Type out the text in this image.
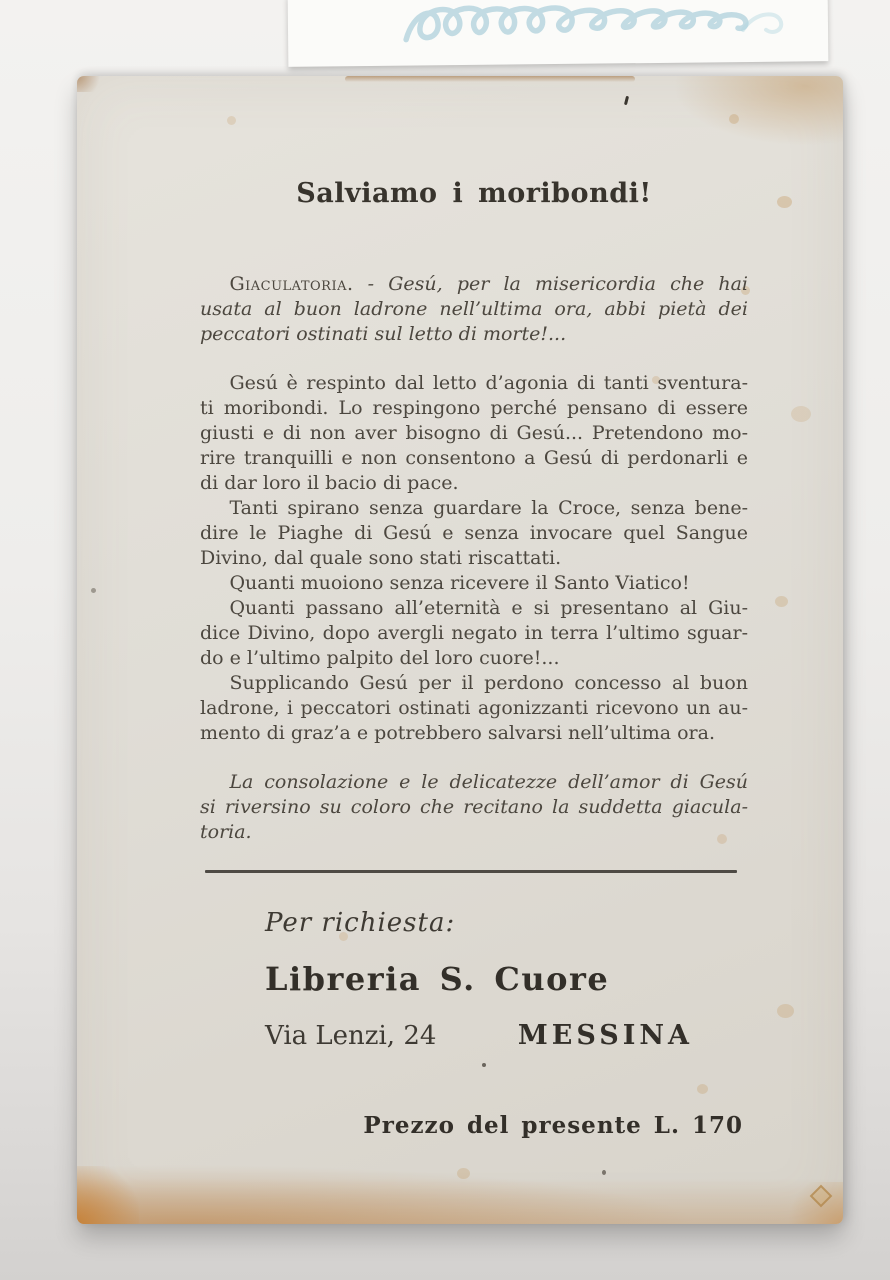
Salviamo i moribondi!
Giaculatoria. - Gesú, per la misericordia che hai
usata al buon ladrone nell’ultima ora, abbi pietà dei
peccatori ostinati sul letto di morte!...
Gesú è respinto dal letto d’agonia di tanti sventura-
ti moribondi. Lo respingono perché pensano di essere
giusti e di non aver bisogno di Gesú... Pretendono mo-
rire tranquilli e non consentono a Gesú di perdonarli e
di dar loro il bacio di pace.
Tanti spirano senza guardare la Croce, senza bene-
dire le Piaghe di Gesú e senza invocare quel Sangue
Divino, dal quale sono stati riscattati.
Quanti muoiono senza ricevere il Santo Viatico!
Quanti passano all’eternità e si presentano al Giu-
dice Divino, dopo avergli negato in terra l’ultimo sguar-
do e l’ultimo palpito del loro cuore!...
Supplicando Gesú per il perdono concesso al buon
ladrone, i peccatori ostinati agonizzanti ricevono un au-
mento di graz’a e potrebbero salvarsi nell’ultima ora.
La consolazione e le delicatezze dell’amor di Gesú
si riversino su coloro che recitano la suddetta giacula-
toria.
Per richiesta:
Libreria S. Cuore
Via Lenzi, 24	MESSINA
Prezzo del presente L. 170
